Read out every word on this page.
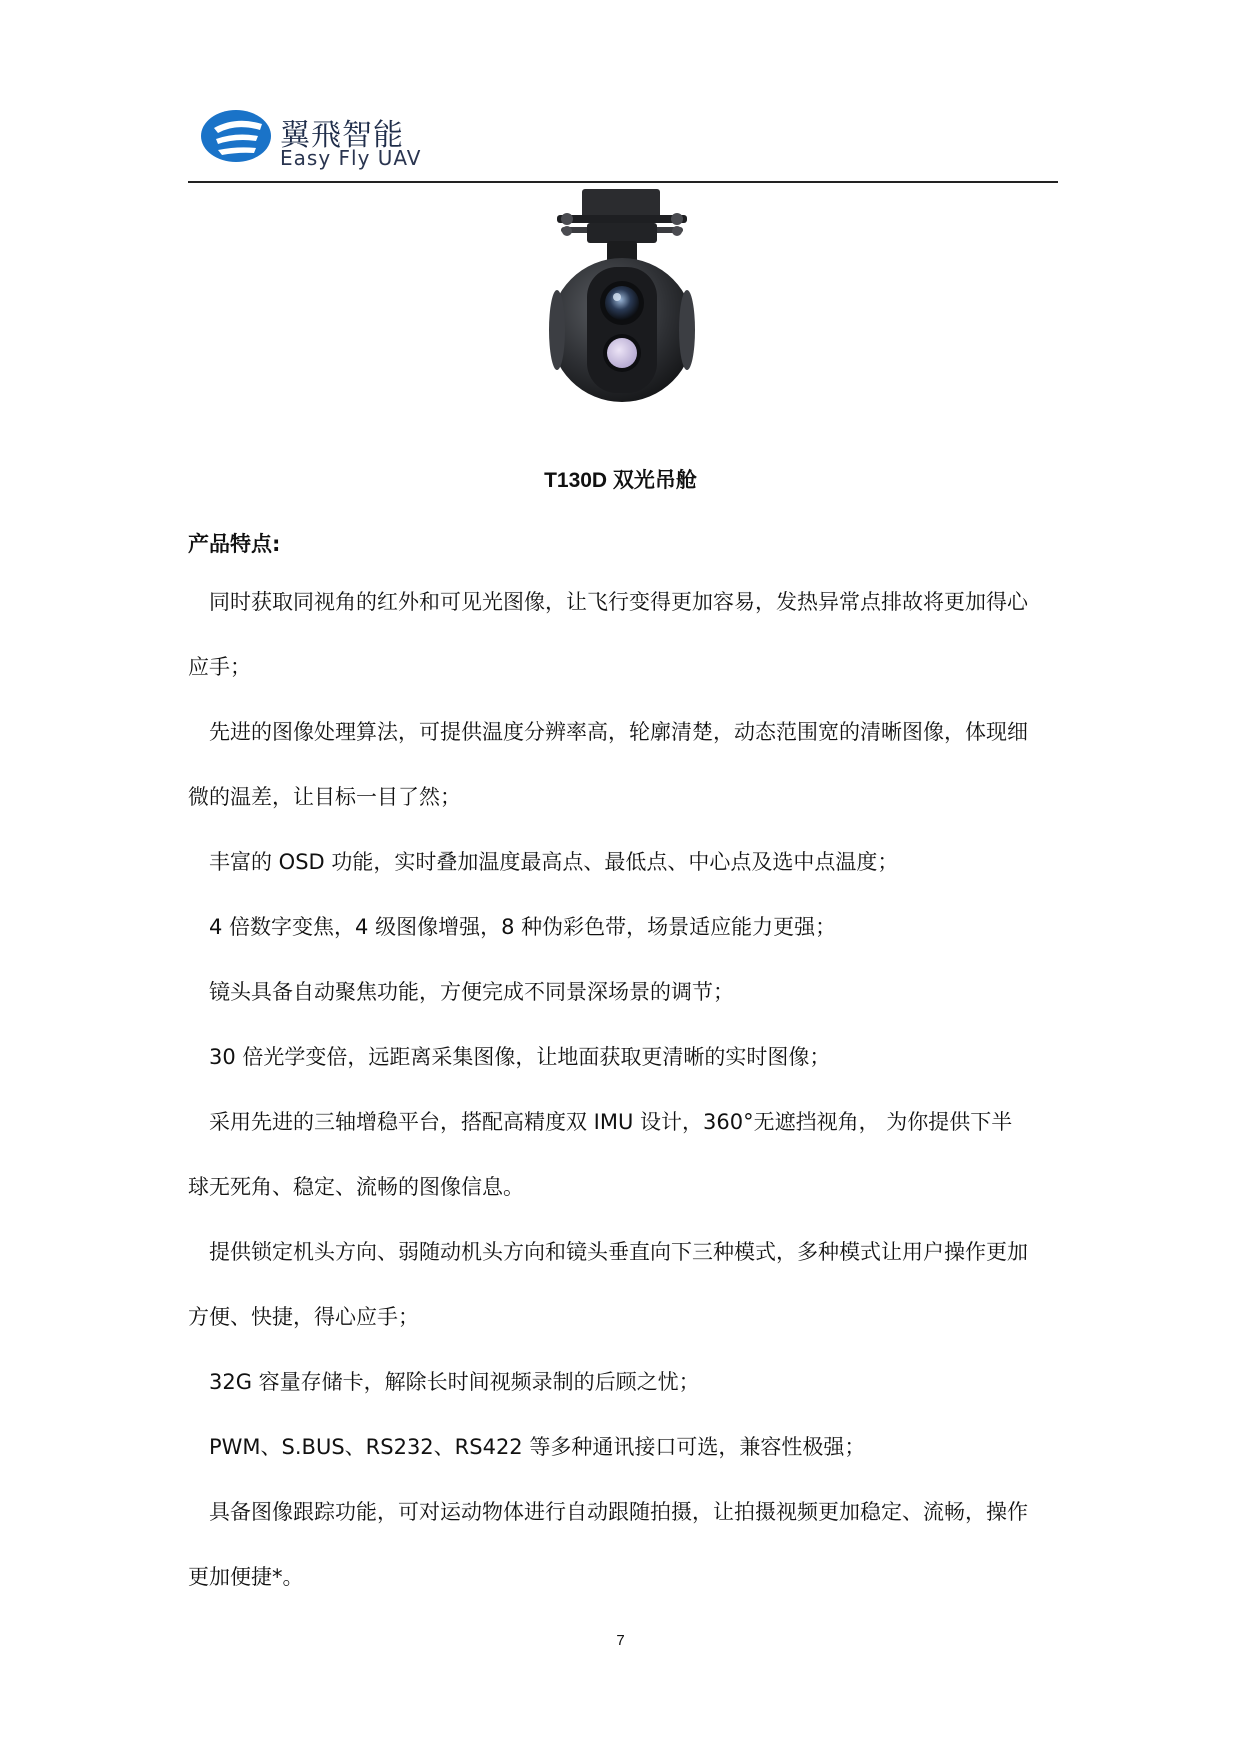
翼飛智能
Easy Fly UAV
T130D 双光吊舱
产品特点:
同时获取同视角的红外和可见光图像，让飞行变得更加容易，发热异常点排故将更加得心
应手；
先进的图像处理算法，可提供温度分辨率高，轮廓清楚，动态范围宽的清晰图像，体现细
微的温差，让目标一目了然；
丰富的 OSD 功能，实时叠加温度最高点、最低点、中心点及选中点温度；
4 倍数字变焦，4 级图像增强，8 种伪彩色带，场景适应能力更强；
镜头具备自动聚焦功能，方便完成不同景深场景的调节；
30 倍光学变倍，远距离采集图像，让地面获取更清晰的实时图像；
采用先进的三轴增稳平台，搭配高精度双 IMU 设计，360°无遮挡视角， 为你提供下半
球无死角、稳定、流畅的图像信息。
提供锁定机头方向、弱随动机头方向和镜头垂直向下三种模式，多种模式让用户操作更加
方便、快捷，得心应手；
32G 容量存储卡，解除长时间视频录制的后顾之忧；
PWM、S.BUS、RS232、RS422 等多种通讯接口可选，兼容性极强；
具备图像跟踪功能，可对运动物体进行自动跟随拍摄，让拍摄视频更加稳定、流畅，操作
更加便捷*。
7
